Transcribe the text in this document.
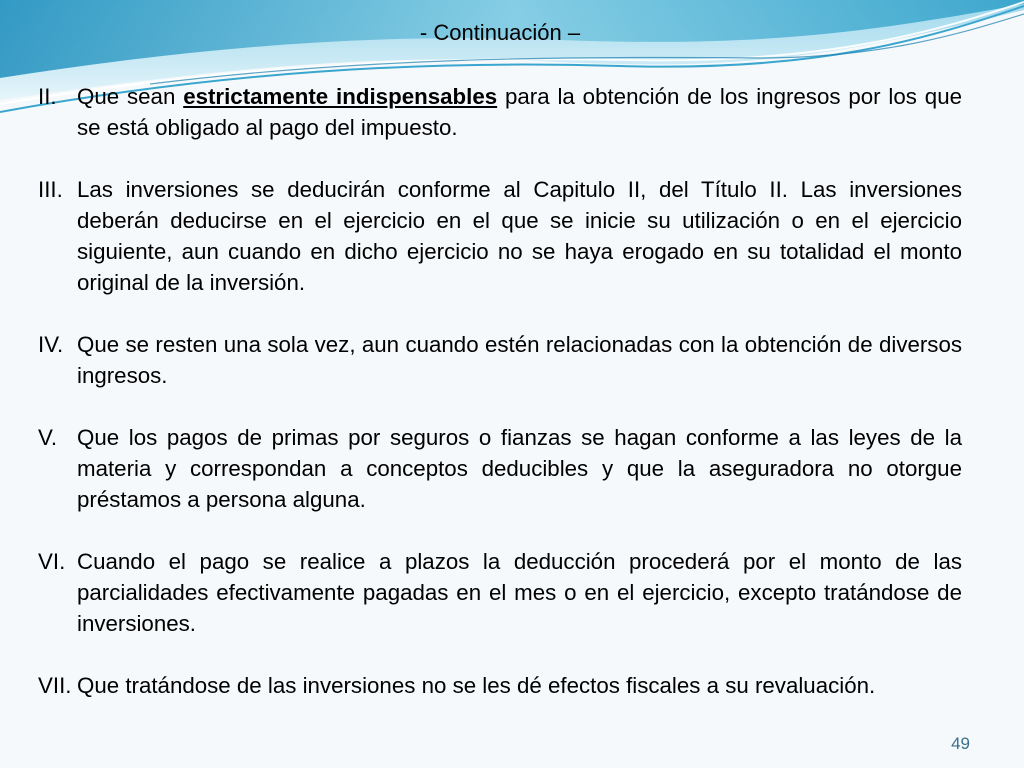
- Continuación –
II. Que sean estrictamente indispensables para la obtención de los ingresos por los que se está obligado al pago del impuesto.
III. Las inversiones se deducirán conforme al Capitulo II, del Título II. Las inversiones deberán deducirse en el ejercicio en el que se inicie su utilización o en el ejercicio siguiente, aun cuando en dicho ejercicio no se haya erogado en su totalidad el monto original de la inversión.
IV. Que se resten una sola vez, aun cuando estén relacionadas con la obtención de diversos ingresos.
V. Que los pagos de primas por seguros o fianzas se hagan conforme a las leyes de la materia y correspondan a conceptos deducibles y que la aseguradora no otorgue préstamos a persona alguna.
VI. Cuando el pago se realice a plazos la deducción procederá por el monto de las parcialidades efectivamente pagadas en el mes o en el ejercicio, excepto tratándose de inversiones.
VII. Que tratándose de las inversiones no se les dé efectos fiscales a su revaluación.
49
